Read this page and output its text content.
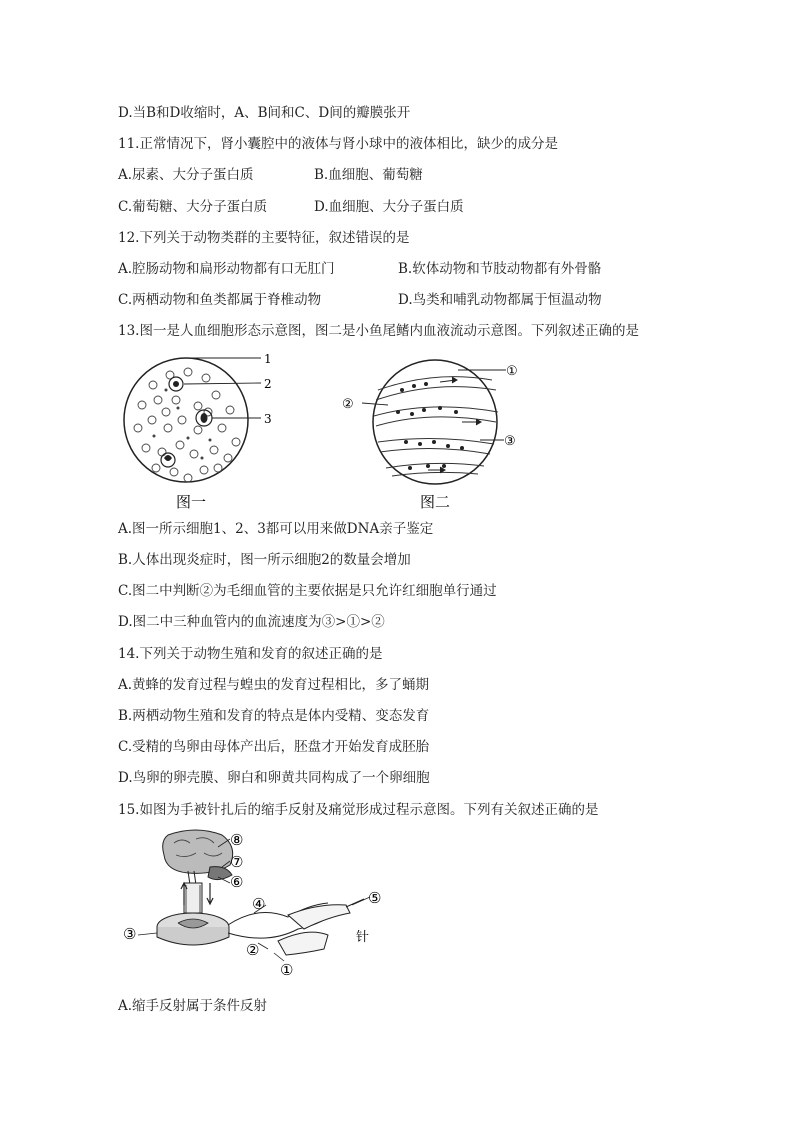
D.当B和D收缩时，A、B间和C、D间的瓣膜张开
11.正常情况下，肾小囊腔中的液体与肾小球中的液体相比，缺少的成分是
A.尿素、大分子蛋白质	B.血细胞、葡萄糖
C.葡萄糖、大分子蛋白质	D.血细胞、大分子蛋白质
12.下列关于动物类群的主要特征，叙述错误的是
A.腔肠动物和扁形动物都有口无肛门	B.软体动物和节肢动物都有外骨骼
C.两栖动物和鱼类都属于脊椎动物	D.鸟类和哺乳动物都属于恒温动物
13.图一是人血细胞形态示意图，图二是小鱼尾鳍内血液流动示意图。下列叙述正确的是
1
2
3
图一
①
②
③
图二
A.图一所示细胞1、2、3都可以用来做DNA亲子鉴定
B.人体出现炎症时，图一所示细胞2的数量会增加
C.图二中判断②为毛细血管的主要依据是只允许红细胞单行通过
D.图二中三种血管内的血流速度为③>①>②
14.下列关于动物生殖和发育的叙述正确的是
A.黄蜂的发育过程与蝗虫的发育过程相比，多了蛹期
B.两栖动物生殖和发育的特点是体内受精、变态发育
C.受精的鸟卵由母体产出后，胚盘才开始发育成胚胎
D.鸟卵的卵壳膜、卵白和卵黄共同构成了一个卵细胞
15.如图为手被针扎后的缩手反射及痛觉形成过程示意图。下列有关叙述正确的是
①
②
③
④	⑤
⑥
⑦
⑧
针
A.缩手反射属于条件反射
